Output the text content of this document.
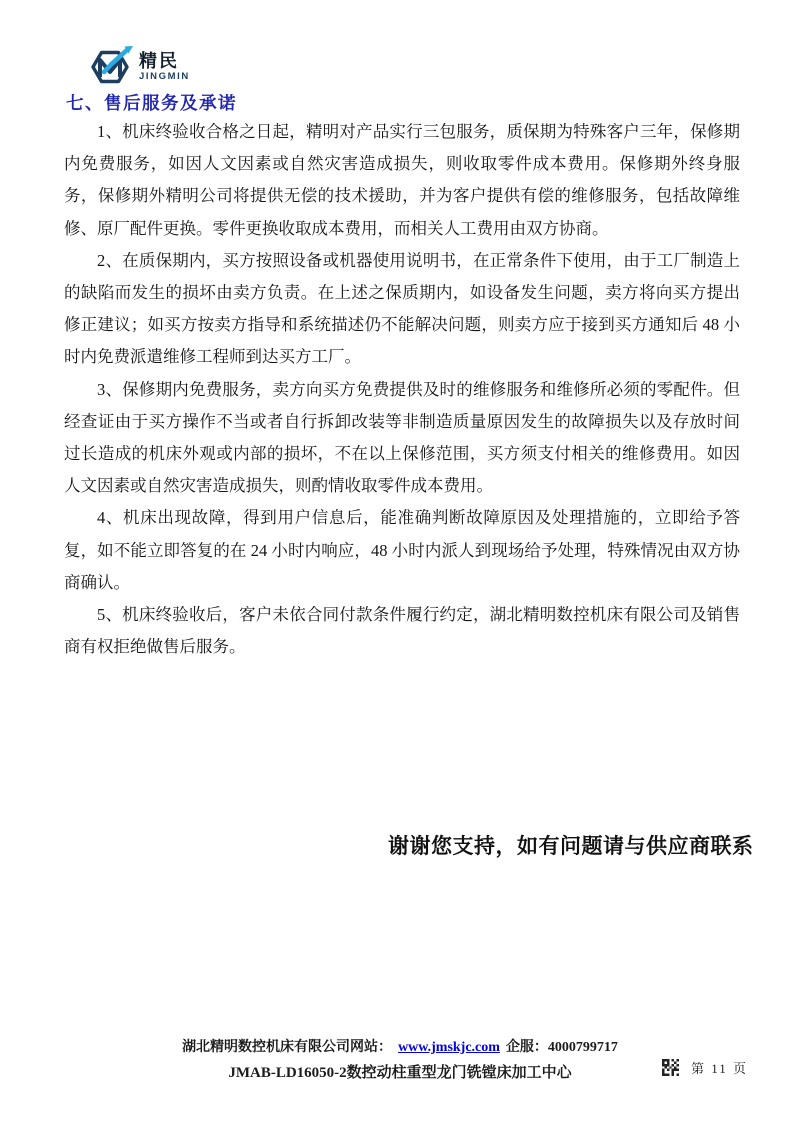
精民
JINGMIN
七、售后服务及承诺

1、机床终验收合格之日起，精明对产品实行三包服务，质保期为特殊客户三年，保修期内免费服务，如因人文因素或自然灾害造成损失，则收取零件成本费用。保修期外终身服务，保修期外精明公司将提供无偿的技术援助，并为客户提供有偿的维修服务，包括故障维修、原厂配件更换。零件更换收取成本费用，而相关人工费用由双方协商。

2、在质保期内，买方按照设备或机器使用说明书，在正常条件下使用，由于工厂制造上的缺陷而发生的损坏由卖方负责。在上述之保质期内，如设备发生问题，卖方将向买方提出修正建议；如买方按卖方指导和系统描述仍不能解决问题，则卖方应于接到买方通知后 48 小时内免费派遣维修工程师到达买方工厂。

3、保修期内免费服务，卖方向买方免费提供及时的维修服务和维修所必须的零配件。但经查证由于买方操作不当或者自行拆卸改装等非制造质量原因发生的故障损失以及存放时间过长造成的机床外观或内部的损坏，不在以上保修范围，买方须支付相关的维修费用。如因人文因素或自然灾害造成损失，则酌情收取零件成本费用。

4、机床出现故障，得到用户信息后，能准确判断故障原因及处理措施的，立即给予答复，如不能立即答复的在 24 小时内响应，48 小时内派人到现场给予处理，特殊情况由双方协商确认。

5、机床终验收后，客户未依合同付款条件履行约定，湖北精明数控机床有限公司及销售商有权拒绝做售后服务。

谢谢您支持，如有问题请与供应商联系
湖北精明数控机床有限公司网站： www.jmskjc.com 企服：4000799717
JMAB-LD16050-2数控动柱重型龙门铣镗床加工中心	第 11 页
